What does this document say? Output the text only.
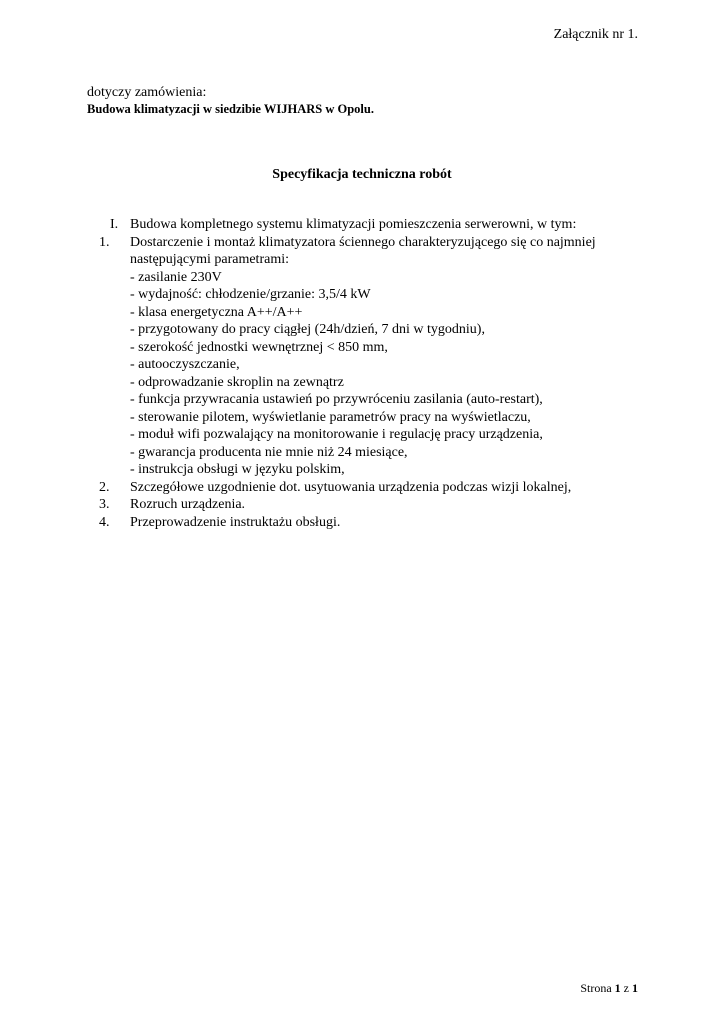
Załącznik nr 1.
dotyczy zamówienia:
Budowa klimatyzacji w siedzibie WIJHARS w Opolu.
Specyfikacja techniczna robót
I. Budowa kompletnego systemu klimatyzacji pomieszczenia serwerowni, w tym:
1.	Dostarczenie i montaż klimatyzatora ściennego charakteryzującego się co najmniej następującymi parametrami:
- zasilanie 230V
- wydajność: chłodzenie/grzanie: 3,5/4 kW
- klasa energetyczna A++/A++
- przygotowany do pracy ciągłej (24h/dzień, 7 dni w tygodniu),
- szerokość jednostki wewnętrznej < 850 mm,
- autooczyszczanie,
- odprowadzanie skroplin na zewnątrz
- funkcja przywracania ustawień po przywróceniu zasilania (auto-restart),
- sterowanie pilotem, wyświetlanie parametrów pracy na wyświetlaczu,
- moduł wifi pozwalający na monitorowanie i regulację pracy urządzenia,
- gwarancja producenta nie mnie niż 24 miesiące,
- instrukcja obsługi w języku polskim,
2.	Szczegółowe uzgodnienie dot. usytuowania urządzenia podczas wizji lokalnej,
3.	Rozruch urządzenia.
4.	Przeprowadzenie instruktażu obsługi.
Strona 1 z 1
